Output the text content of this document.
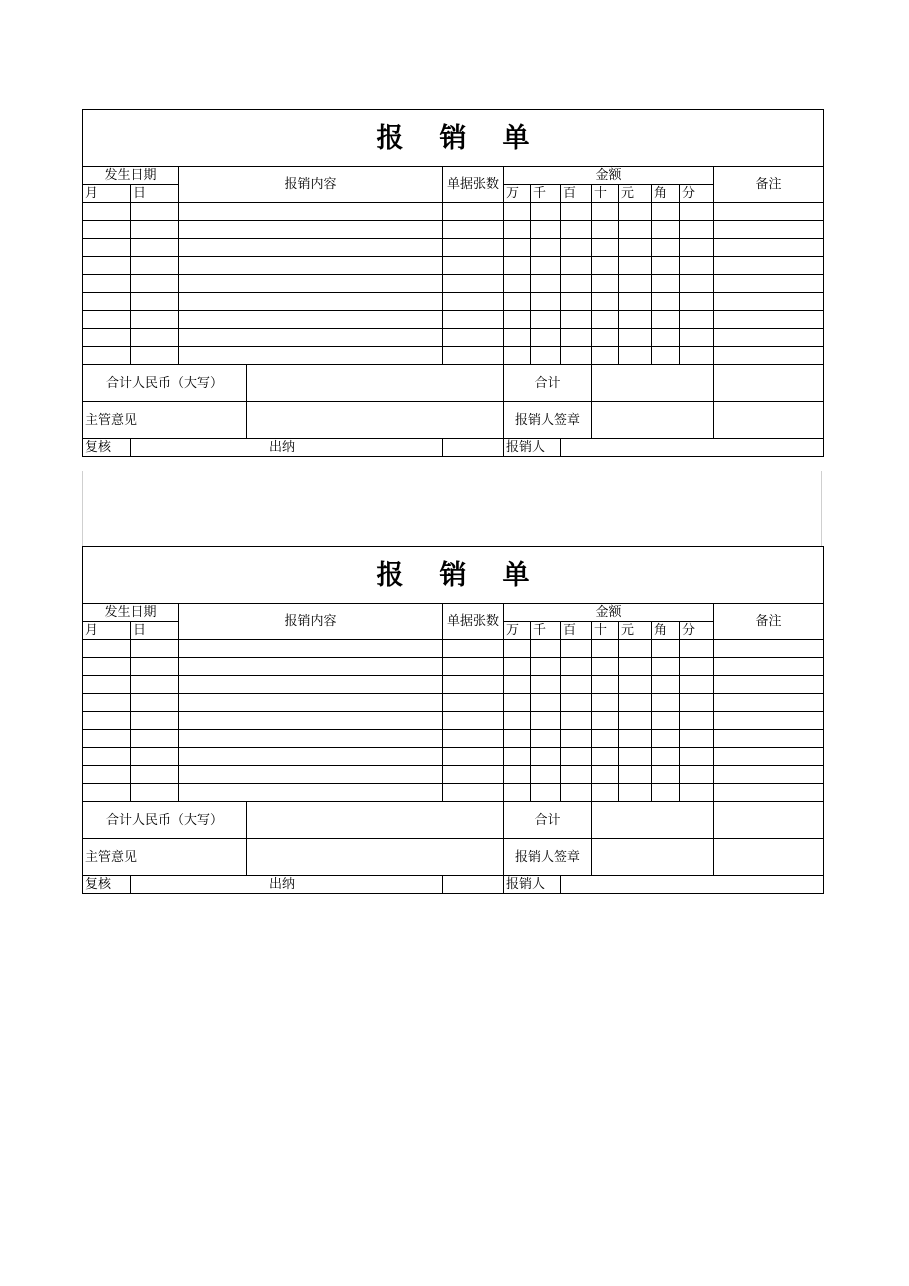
报 销 单												
发生日期		报销内容		单据张数	金额							备注
月	日				万	千	百	十	元	角	分	

合计人民币（大写）					合计							
主管意见					报销人签章							
复核	出纳				报销人							
报 销 单												
发生日期		报销内容		单据张数	金额							备注
月	日				万	千	百	十	元	角	分	

合计人民币（大写）					合计							
主管意见					报销人签章							
复核	出纳				报销人							
